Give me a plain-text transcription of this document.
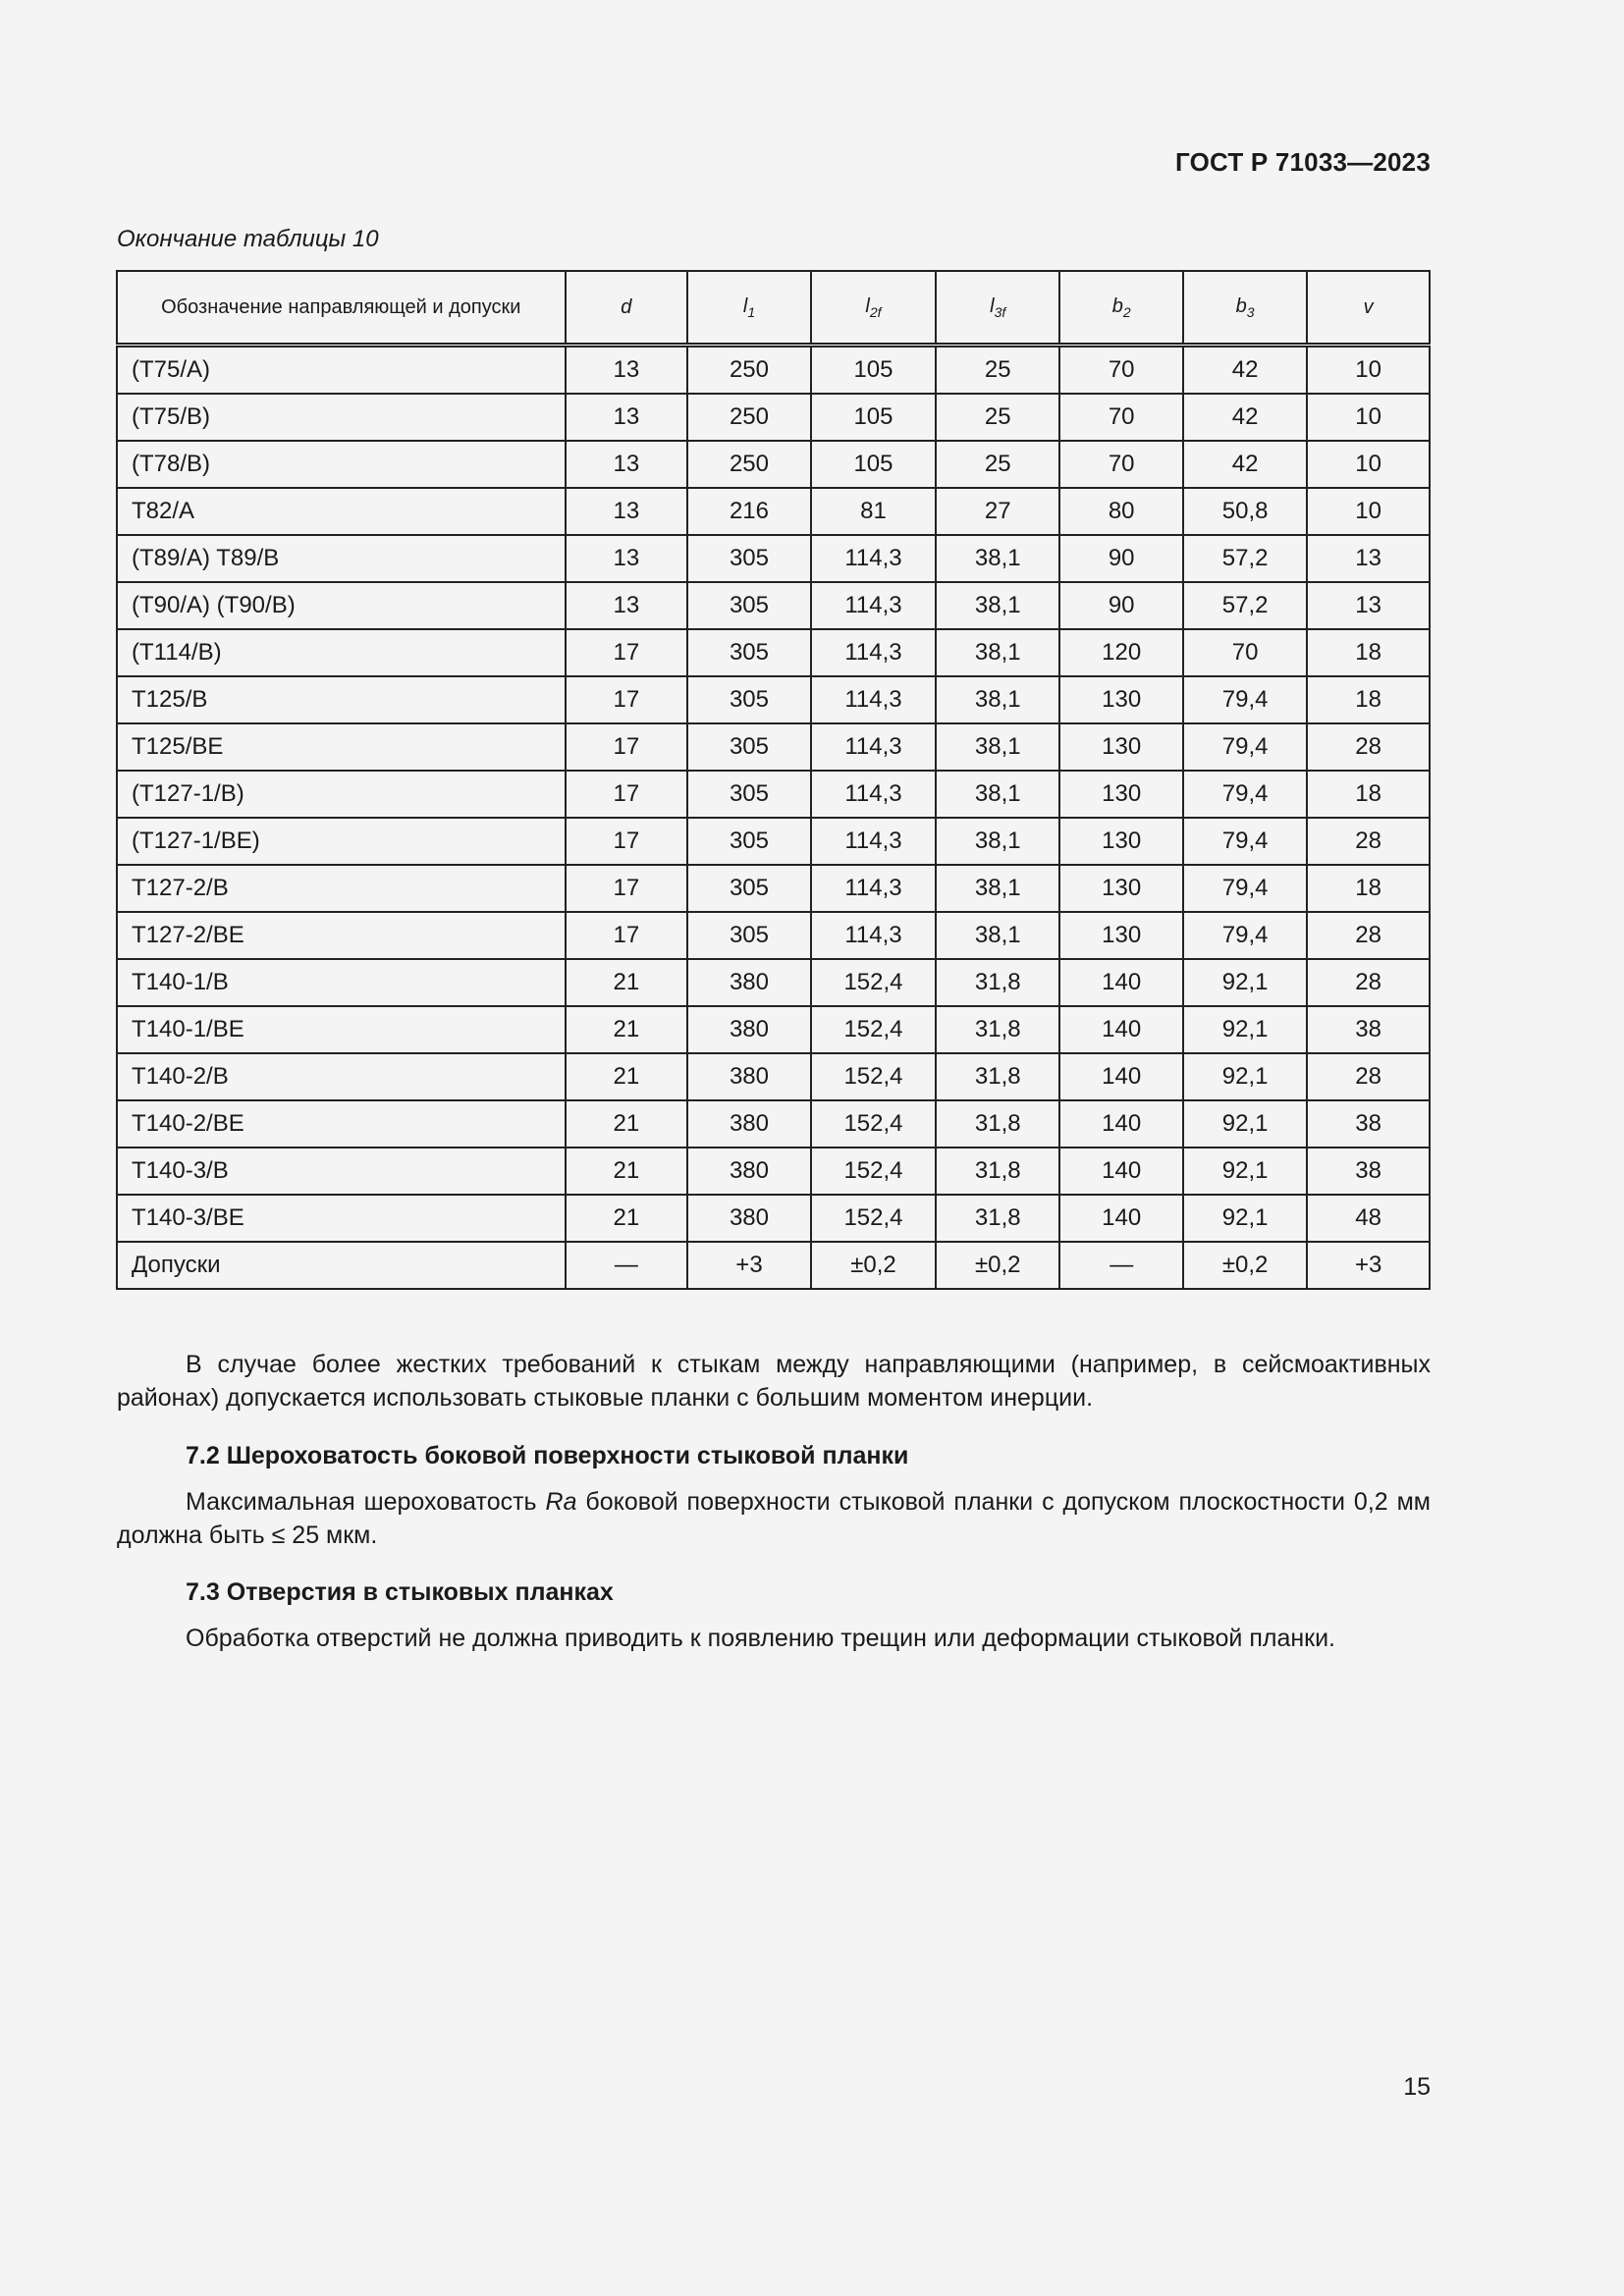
ГОСТ Р 71033—2023
Окончание таблицы 10
Обозначение направляющей и допуски	d	$l_1$	$l_{2f}$	$l_{3f}$	$b_2$	$b_3$	v
(T75/A)	13	250	105	25	70	42	10
(T75/B)	13	250	105	25	70	42	10
(T78/B)	13	250	105	25	70	42	10
T82/A	13	216	81	27	80	50,8	10
(T89/A) T89/B	13	305	114,3	38,1	90	57,2	13
(T90/A) (T90/B)	13	305	114,3	38,1	90	57,2	13
(T114/B)	17	305	114,3	38,1	120	70	18
T125/B	17	305	114,3	38,1	130	79,4	18
T125/BE	17	305	114,3	38,1	130	79,4	28
(T127-1/B)	17	305	114,3	38,1	130	79,4	18
(T127-1/BE)	17	305	114,3	38,1	130	79,4	28
T127-2/B	17	305	114,3	38,1	130	79,4	18
T127-2/BE	17	305	114,3	38,1	130	79,4	28
T140-1/B	21	380	152,4	31,8	140	92,1	28
T140-1/BE	21	380	152,4	31,8	140	92,1	38
T140-2/B	21	380	152,4	31,8	140	92,1	28
T140-2/BE	21	380	152,4	31,8	140	92,1	38
T140-3/B	21	380	152,4	31,8	140	92,1	38
T140-3/BE	21	380	152,4	31,8	140	92,1	48
Допуски	—	+3	±0,2	±0,2	—	±0,2	+3
В случае более жестких требований к стыкам между направляющими (например, в сейсмоактивных районах) допускается использовать стыковые планки с большим моментом инерции.
7.2 Шероховатость боковой поверхности стыковой планки
Максимальная шероховатость Ra боковой поверхности стыковой планки с допуском плоскостности 0,2 мм должна быть ≤ 25 мкм.
7.3 Отверстия в стыковых планках
Обработка отверстий не должна приводить к появлению трещин или деформации стыковой планки.
15
